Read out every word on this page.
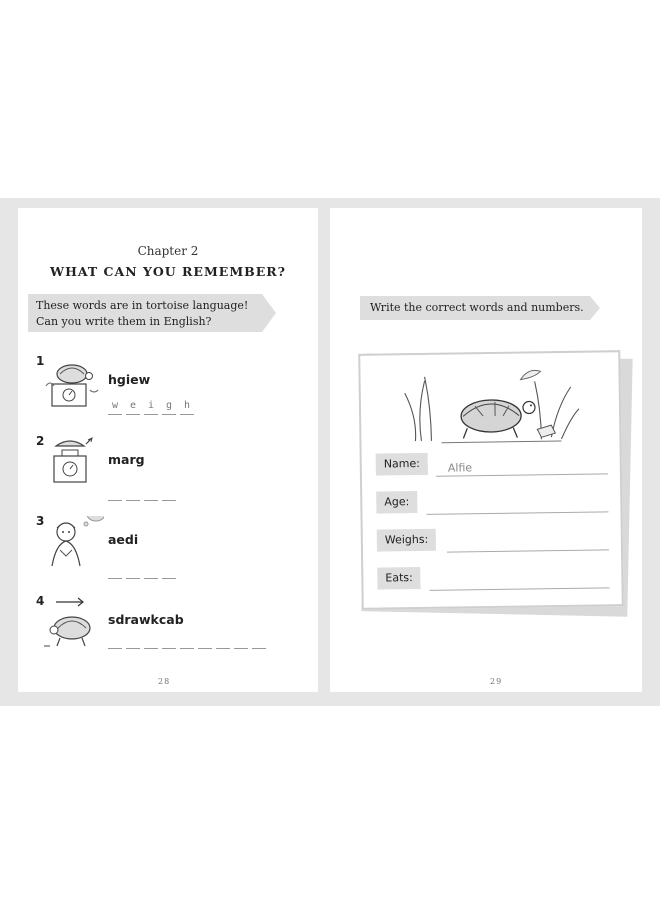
Chapter 2
WHAT CAN YOU REMEMBER?
These words are in tortoise language!
Can you write them in English?
1
hgiew
w	e	i	g	h
2
marg
3
aedi
4
sdrawkcab
28
Write the correct words and numbers.
Name:	Alfie
Age:
Weighs:
Eats:
29
